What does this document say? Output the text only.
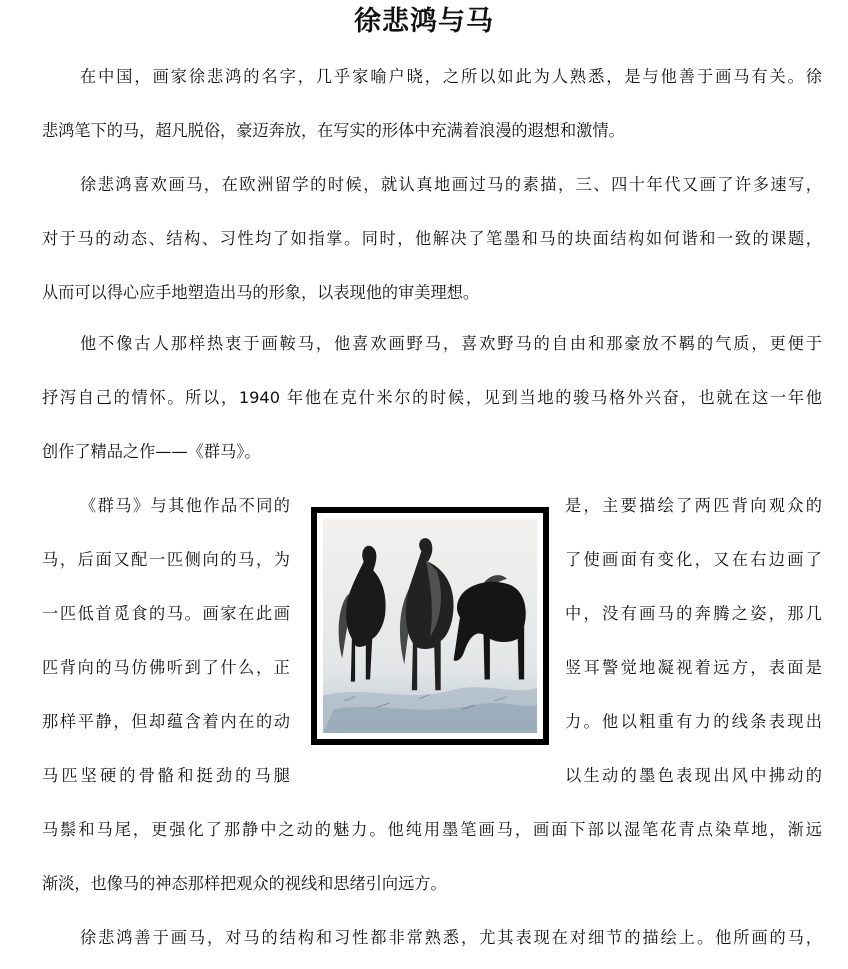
徐悲鸿与马
在中国，画家徐悲鸿的名字，几乎家喻户晓，之所以如此为人熟悉，是与他善于画马有关。徐
悲鸿笔下的马，超凡脱俗，豪迈奔放，在写实的形体中充满着浪漫的遐想和激情。
徐悲鸿喜欢画马，在欧洲留学的时候，就认真地画过马的素描，三、四十年代又画了许多速写，
对于马的动态、结构、习性均了如指掌。同时，他解决了笔墨和马的块面结构如何谐和一致的课题，
从而可以得心应手地塑造出马的形象，以表现他的审美理想。
他不像古人那样热衷于画鞍马，他喜欢画野马，喜欢野马的自由和那豪放不羁的气质，更便于
抒泻自己的情怀。所以，1940 年他在克什米尔的时候，见到当地的骏马格外兴奋，也就在这一年他
创作了精品之作——《群马》。
《群马》与其他作品不同的
马，后面又配一匹侧向的马，为
一匹低首觅食的马。画家在此画
匹背向的马仿佛听到了什么，正
那样平静，但却蕴含着内在的动
马匹坚硬的骨骼和挺劲的马腿
是，主要描绘了两匹背向观众的
了使画面有变化，又在右边画了
中，没有画马的奔腾之姿，那几
竖耳警觉地凝视着远方，表面是
力。他以粗重有力的线条表现出
以生动的墨色表现出风中拂动的
马鬃和马尾，更强化了那静中之动的魅力。他纯用墨笔画马，画面下部以湿笔花青点染草地，渐远
渐淡，也像马的神态那样把观众的视线和思绪引向远方。
徐悲鸿善于画马，对马的结构和习性都非常熟悉，尤其表现在对细节的描绘上。他所画的马，
